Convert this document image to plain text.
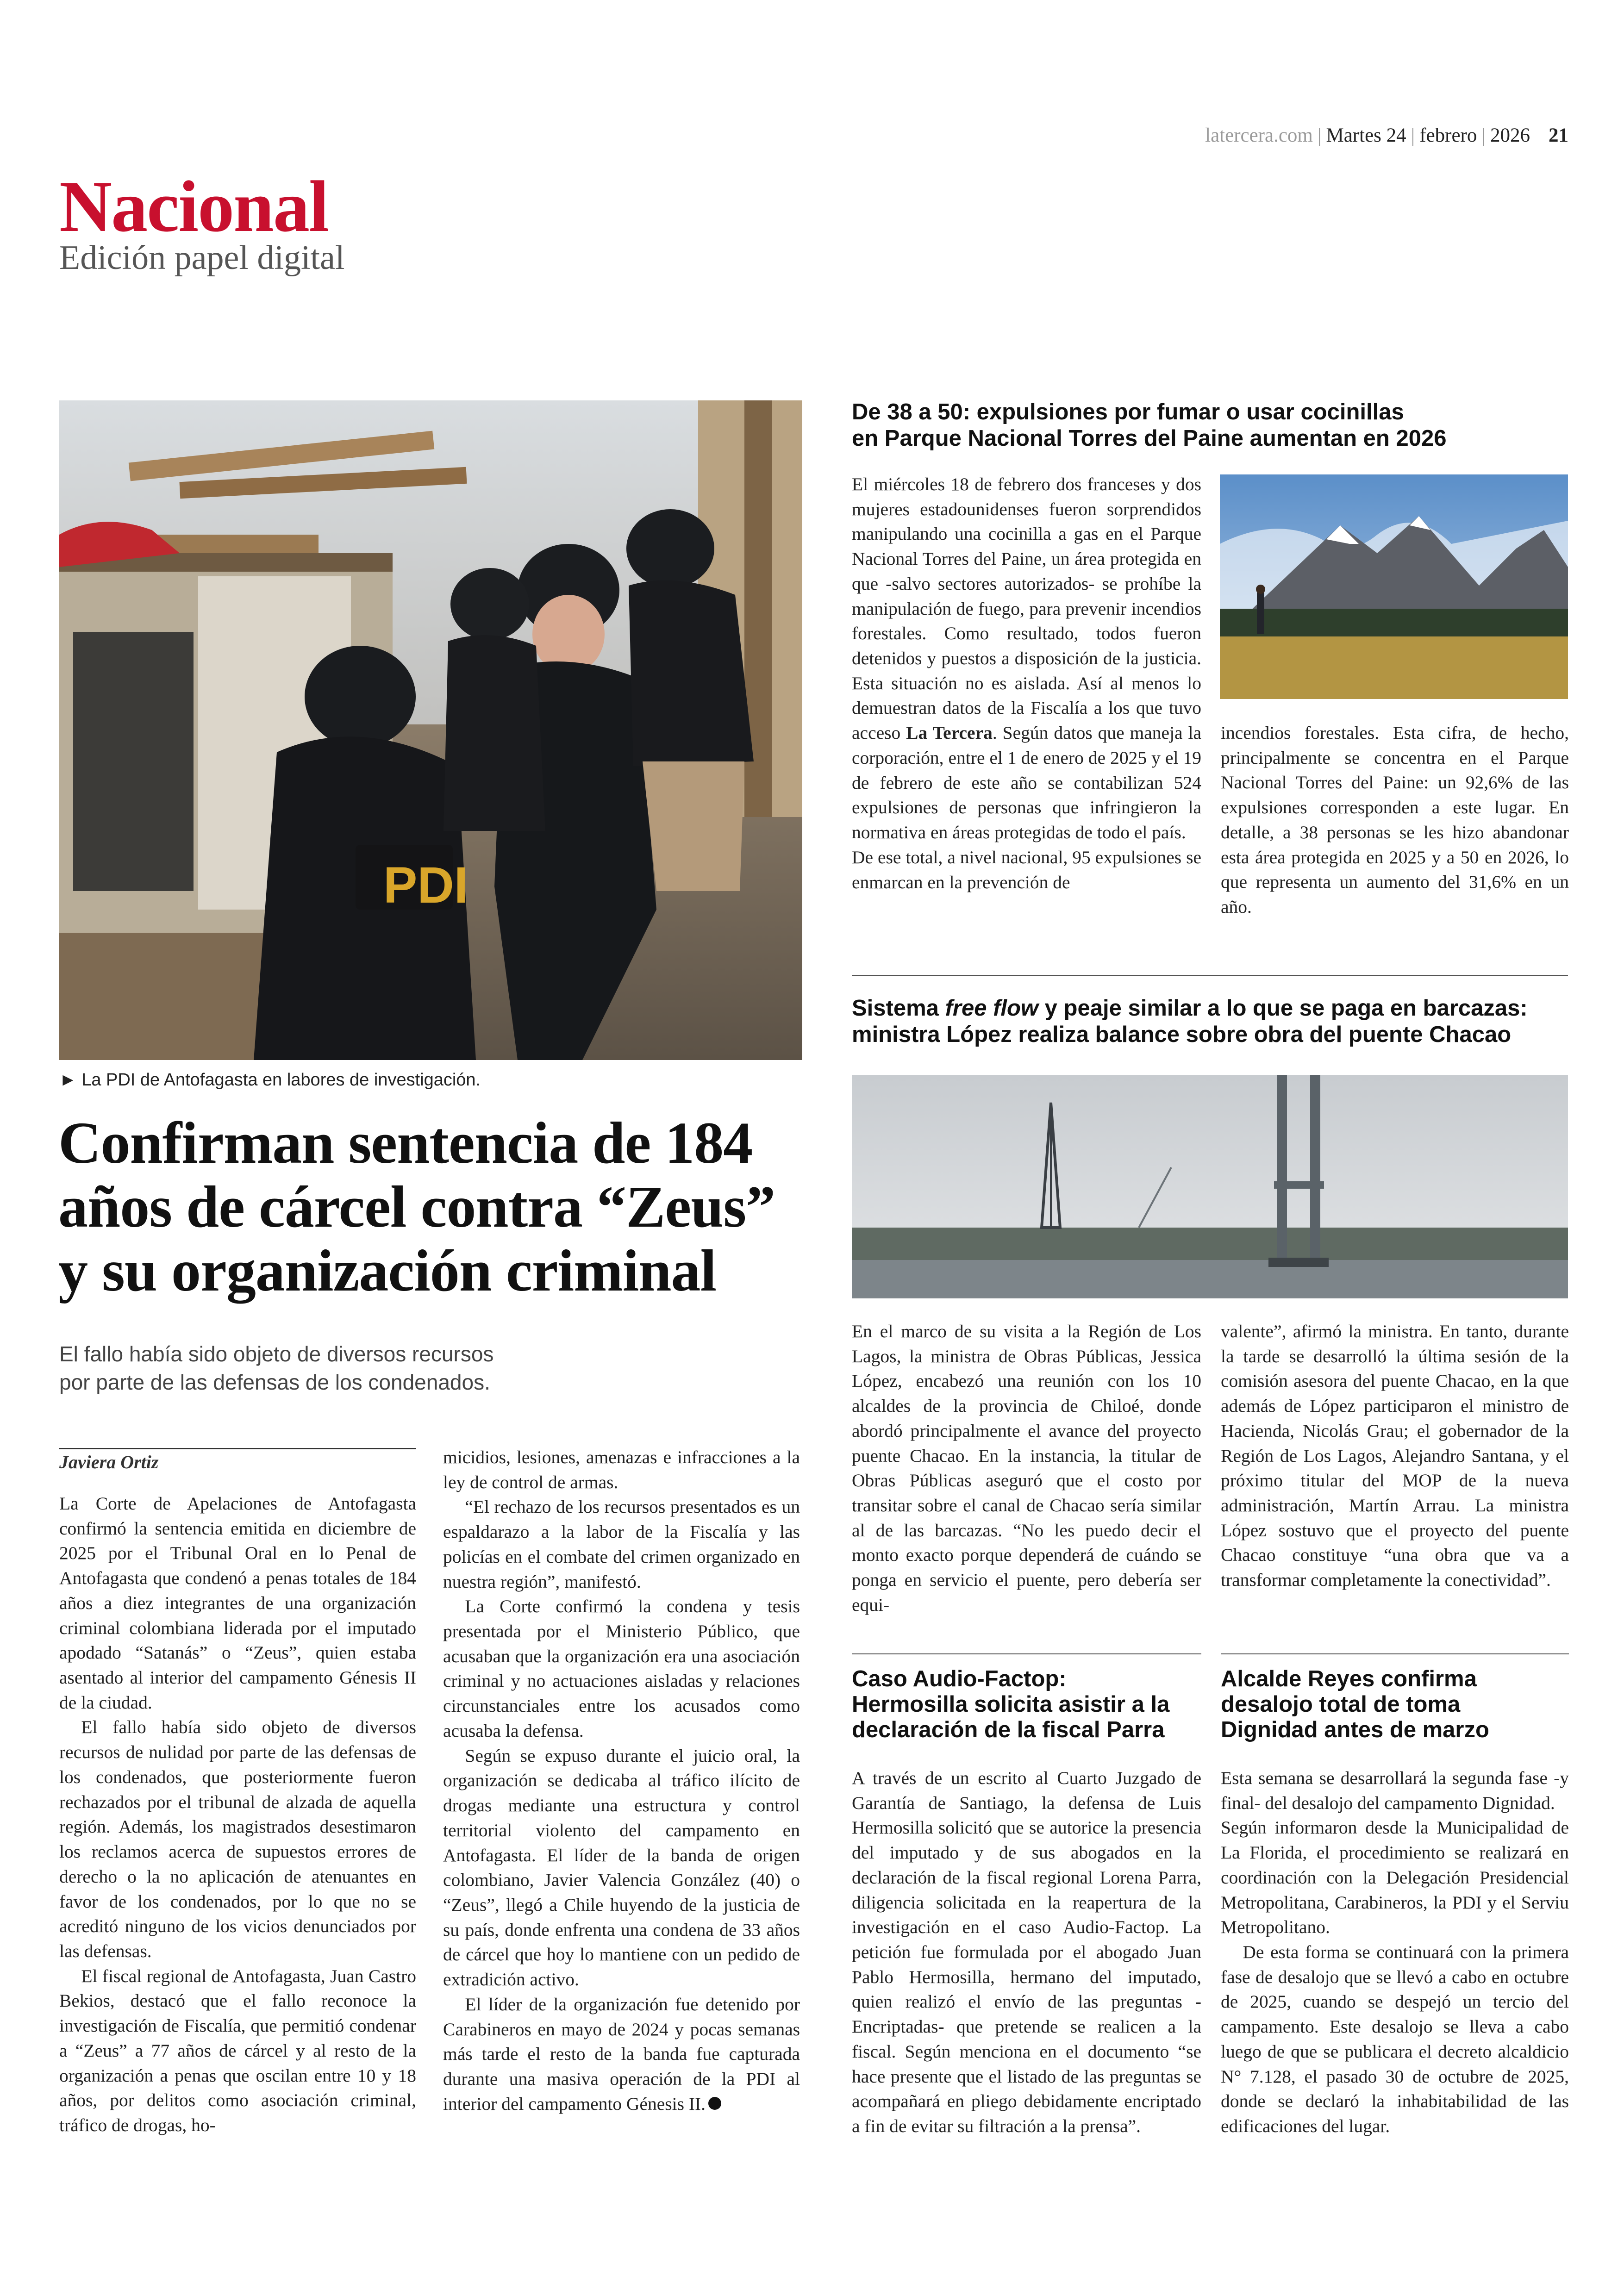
latercera.com | Martes 24 | febrero | 2026 21
Nacional
Edición papel digital
PDI
► La PDI de Antofagasta en labores de investigación.
Confirman sentencia de 184 años de cárcel contra “Zeus” y su organización criminal
El fallo había sido objeto de diversos recursos por parte de las defensas de los condenados.
Javiera Ortiz

La Corte de Apelaciones de Antofagasta confirmó la sentencia emitida en diciembre de 2025 por el Tribunal Oral en lo Penal de Antofagasta que condenó a penas totales de 184 años a diez integrantes de una organización criminal colombiana liderada por el imputado apodado “Satanás” o “Zeus”, quien estaba asentado al interior del campamento Génesis II de la ciudad.

El fallo había sido objeto de diversos recursos de nulidad por parte de las defensas de los condenados, que posteriormente fueron rechazados por el tribunal de alzada de aquella región. Además, los magistrados desestimaron los reclamos acerca de supuestos errores de derecho o la no aplicación de atenuantes en favor de los condenados, por lo que no se acreditó ninguno de los vicios denunciados por las defensas.

El fiscal regional de Antofagasta, Juan Castro Bekios, destacó que el fallo reconoce la investigación de Fiscalía, que permitió condenar a “Zeus” a 77 años de cárcel y al resto de la organización a penas que oscilan entre 10 y 18 años, por delitos como asociación criminal, tráfico de drogas, ho-

micidios, lesiones, amenazas e infracciones a la ley de control de armas.

“El rechazo de los recursos presentados es un espaldarazo a la labor de la Fiscalía y las policías en el combate del crimen organizado en nuestra región”, manifestó.

La Corte confirmó la condena y tesis presentada por el Ministerio Público, que acusaban que la organización era una asociación criminal y no actuaciones aisladas y relaciones circunstanciales entre los acusados como acusaba la defensa.

Según se expuso durante el juicio oral, la organización se dedicaba al tráfico ilícito de drogas mediante una estructura y control territorial violento del campamento en Antofagasta. El líder de la banda de origen colombiano, Javier Valencia González (40) o “Zeus”, llegó a Chile huyendo de la justicia de su país, donde enfrenta una condena de 33 años de cárcel que hoy lo mantiene con un pedido de extradición activo.

El líder de la organización fue detenido por Carabineros en mayo de 2024 y pocas semanas más tarde el resto de la banda fue capturada durante una masiva operación de la PDI al interior del campamento Génesis II.

De 38 a 50: expulsiones por fumar o usar cocinillas
en Parque Nacional Torres del Paine aumentan en 2026

El miércoles 18 de febrero dos franceses y dos mujeres estadounidenses fueron sorprendidos manipulando una cocinilla a gas en el Parque Nacional Torres del Paine, un área protegida en que -salvo sectores autorizados- se prohíbe la manipulación de fuego, para prevenir incendios forestales. Como resultado, todos fueron detenidos y puestos a disposición de la justicia. Esta situación no es aislada. Así al menos lo demuestran datos de la Fiscalía a los que tuvo acceso La Tercera. Según datos que maneja la corporación, entre el 1 de enero de 2025 y el 19 de febrero de este año se contabilizan 524 expulsiones de personas que infringieron la normativa en áreas protegidas de todo el país.

De ese total, a nivel nacional, 95 expulsiones se enmarcan en la prevención de

incendios forestales. Esta cifra, de hecho, principalmente se concentra en el Parque Nacional Torres del Paine: un 92,6% de las expulsiones corresponden a este lugar. En detalle, a 38 personas se les hizo abandonar esta área protegida en 2025 y a 50 en 2026, lo que representa un aumento del 31,6% en un año.

Sistema free flow y peaje similar a lo que se paga en barcazas:
ministra López realiza balance sobre obra del puente Chacao

En el marco de su visita a la Región de Los Lagos, la ministra de Obras Públicas, Jessica López, encabezó una reunión con los 10 alcaldes de la provincia de Chiloé, donde abordó principalmente el avance del proyecto puente Chacao. En la instancia, la titular de Obras Públicas aseguró que el costo por transitar sobre el canal de Chacao sería similar al de las barcazas. “No les puedo decir el monto exacto porque dependerá de cuándo se ponga en servicio el puente, pero debería ser equi-

valente”, afirmó la ministra. En tanto, durante la tarde se desarrolló la última sesión de la comisión asesora del puente Chacao, en la que además de López participaron el ministro de Hacienda, Nicolás Grau; el gobernador de la Región de Los Lagos, Alejandro Santana, y el próximo titular del MOP de la nueva administración, Martín Arrau. La ministra López sostuvo que el proyecto del puente Chacao constituye “una obra que va a transformar completamente la conectividad”.

Caso Audio-Factop:
Hermosilla solicita asistir a la
declaración de la fiscal Parra

A través de un escrito al Cuarto Juzgado de Garantía de Santiago, la defensa de Luis Hermosilla solicitó que se autorice la presencia del imputado y de sus abogados en la declaración de la fiscal regional Lorena Parra, diligencia solicitada en la reapertura de la investigación en el caso Audio-Factop. La petición fue formulada por el abogado Juan Pablo Hermosilla, hermano del imputado, quien realizó el envío de las preguntas -Encriptadas- que pretende se realicen a la fiscal. Según menciona en el documento “se hace presente que el listado de las preguntas se acompañará en pliego debidamente encriptado a fin de evitar su filtración a la prensa”.

Alcalde Reyes confirma
desalojo total de toma
Dignidad antes de marzo

Esta semana se desarrollará la segunda fase -y final- del desalojo del campamento Dignidad.

Según informaron desde la Municipalidad de La Florida, el procedimiento se realizará en coordinación con la Delegación Presidencial Metropolitana, Carabineros, la PDI y el Serviu Metropolitano.

De esta forma se continuará con la primera fase de desalojo que se llevó a cabo en octubre de 2025, cuando se despejó un tercio del campamento. Este desalojo se lleva a cabo luego de que se publicara el decreto alcaldicio N° 7.128, el pasado 30 de octubre de 2025, donde se declaró la inhabitabilidad de las edificaciones del lugar.
